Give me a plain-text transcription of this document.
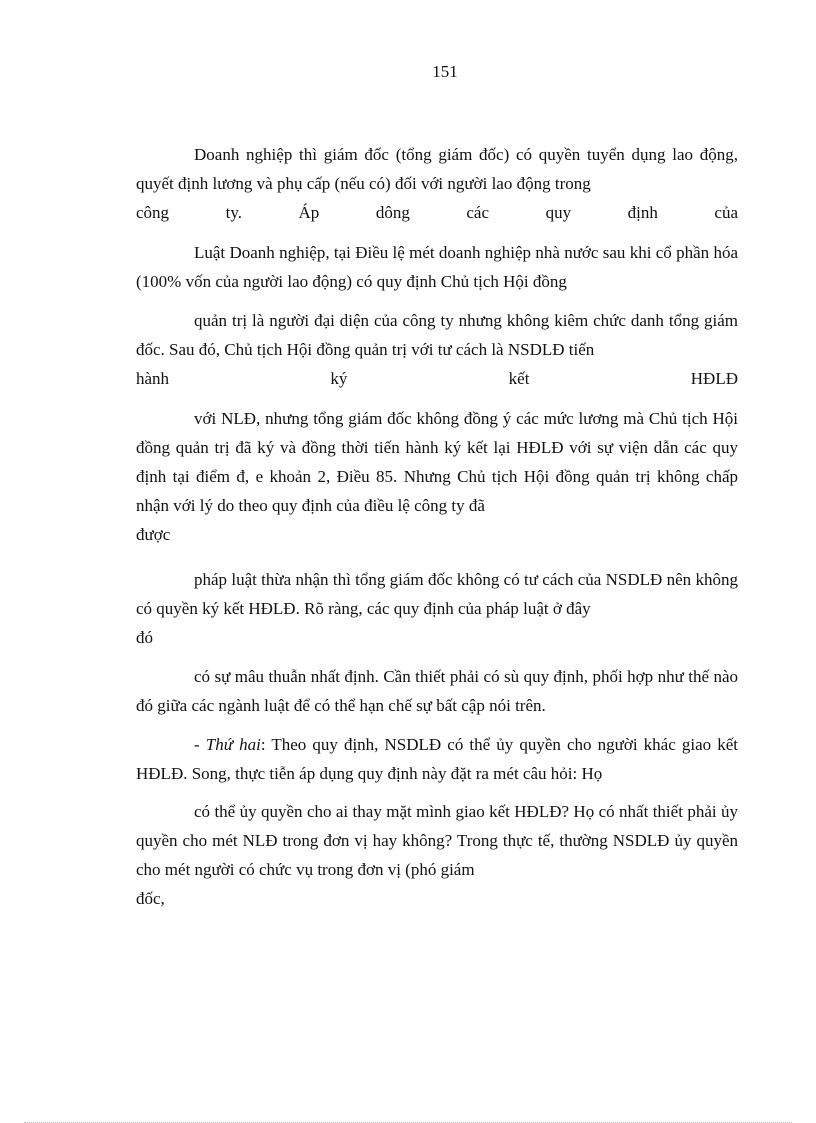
151

Doanh nghiệp thì giám đốc (tổng giám đốc) có quyền tuyển dụng lao động, quyết định lương và phụ cấp (nếu có) đối với người lao động trong

công	ty.	Áp	dông	các	quy	định	của

Luật Doanh nghiệp, tại Điều lệ mét doanh nghiệp nhà nước sau khi cổ phần hóa (100% vốn của người lao động) có quy định Chủ tịch Hội đồng

quản trị là người đại diện của công ty nhưng không kiêm chức danh tổng giám đốc. Sau đó, Chủ tịch Hội đồng quản trị với tư cách là NSDLĐ tiến

hành	ký	kết	HĐLĐ

với NLĐ, nhưng tổng giám đốc không đồng ý các mức lương mà Chủ tịch Hội đồng quản trị đã ký và đồng thời tiến hành ký kết lại HĐLĐ với sự viện dẫn các quy định tại điểm đ, e khoản 2, Điều 85. Nhưng Chủ tịch Hội đồng quản trị không chấp nhận với lý do theo quy định của điều lệ công ty đã

được

pháp luật thừa nhận thì tổng giám đốc không có tư cách của NSDLĐ nên không có quyền ký kết HĐLĐ. Rõ ràng, các quy định của pháp luật ở đây

đó

có sự mâu thuẫn nhất định. Cần thiết phải có sù quy định, phối hợp như thế nào đó giữa các ngành luật để có thể hạn chế sự bất cập nói trên.

- Thứ hai: Theo quy định, NSDLĐ có thể ủy quyền cho người khác giao kết HĐLĐ. Song, thực tiễn áp dụng quy định này đặt ra mét câu hỏi: Họ

có thể ủy quyền cho ai thay mặt mình giao kết HĐLĐ? Họ có nhất thiết phải ủy quyền cho mét NLĐ trong đơn vị hay không? Trong thực tế, thường NSDLĐ ủy quyền cho mét người có chức vụ trong đơn vị (phó giám

đốc,
